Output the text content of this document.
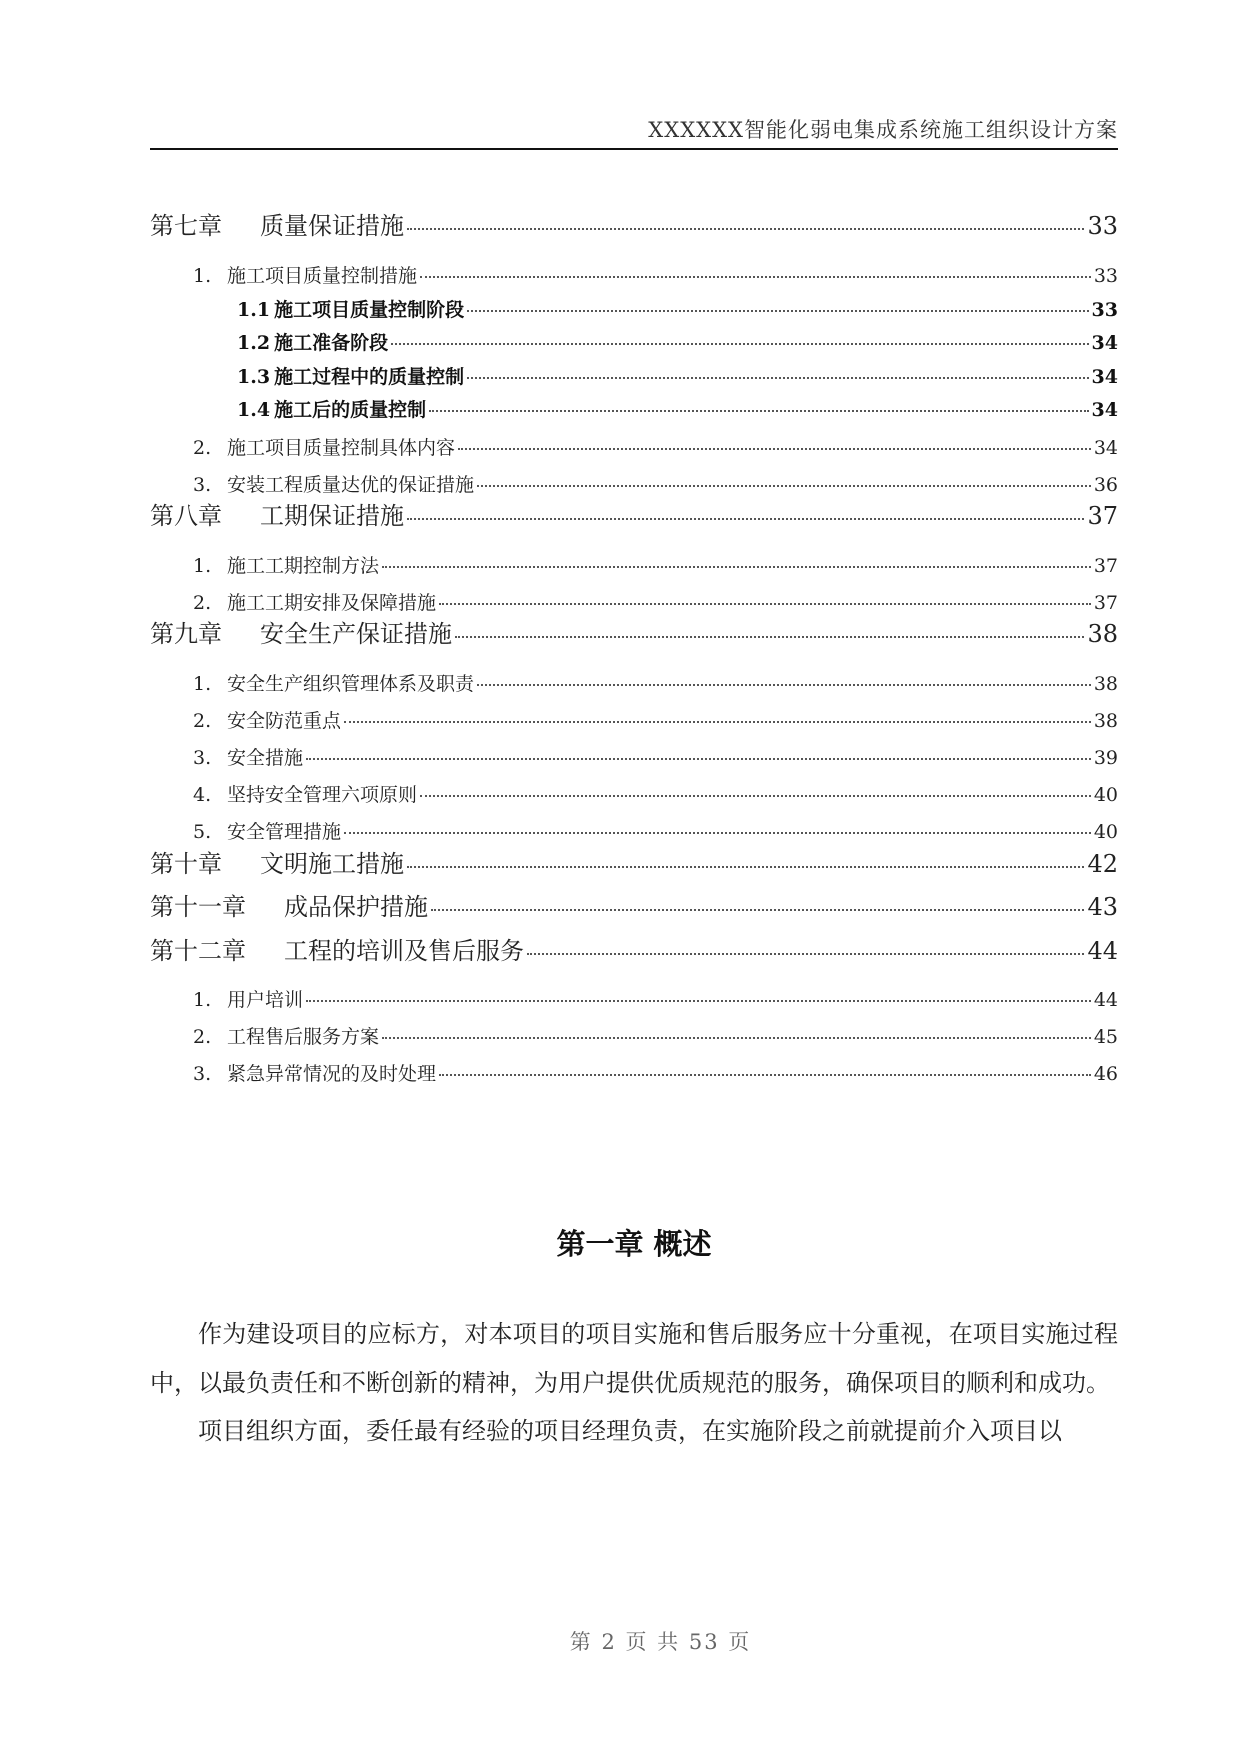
XXXXXX智能化弱电集成系统施工组织设计方案
第七章 质量保证措施	33
1. 施工项目质量控制措施	33
1.1 施工项目质量控制阶段	33
1.2 施工准备阶段	34
1.3 施工过程中的质量控制	34
1.4 施工后的质量控制	34
2. 施工项目质量控制具体内容	34
3. 安装工程质量达优的保证措施	36
第八章 工期保证措施	37
1. 施工工期控制方法	37
2. 施工工期安排及保障措施	37
第九章 安全生产保证措施	38
1. 安全生产组织管理体系及职责	38
2. 安全防范重点	38
3. 安全措施	39
4. 坚持安全管理六项原则	40
5. 安全管理措施	40
第十章 文明施工措施	42
第十一章 成品保护措施	43
第十二章 工程的培训及售后服务	44
1. 用户培训	44
2. 工程售后服务方案	45
3. 紧急异常情况的及时处理	46
第一章 概述

作为建设项目的应标方，对本项目的项目实施和售后服务应十分重视，在项目实施过程中，以最负责任和不断创新的精神，为用户提供优质规范的服务，确保项目的顺利和成功。

项目组织方面，委任最有经验的项目经理负责，在实施阶段之前就提前介入项目以

第 2 页 共 53 页
